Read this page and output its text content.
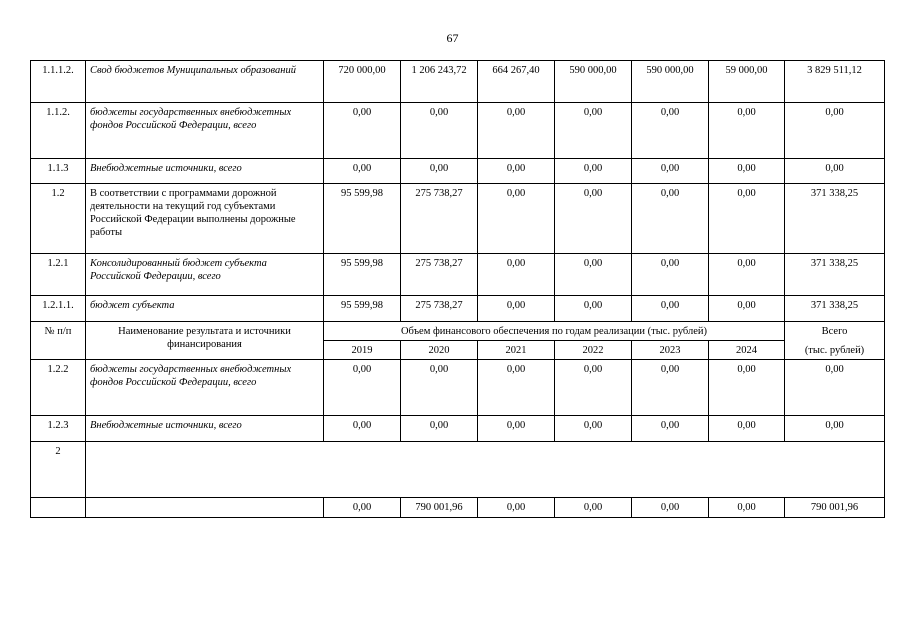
67
1.1.1.2.	Свод бюджетов Муниципальных образований	720 000,00	1 206 243,72	664 267,40	590 000,00	590 000,00	59 000,00	3 829 511,12
1.1.2.	бюджеты государственных внебюджетных фондов Российской Федерации, всего	0,00	0,00	0,00	0,00	0,00	0,00	0,00
1.1.3	Внебюджетные источники, всего	0,00	0,00	0,00	0,00	0,00	0,00	0,00
1.2	В соответствии с программами дорожной деятельности на текущий год субъектами Российской Федерации выполнены дорожные работы	95 599,98	275 738,27	0,00	0,00	0,00	0,00	371 338,25
1.2.1	Консолидированный бюджет субъекта Российской Федерации, всего	95 599,98	275 738,27	0,00	0,00	0,00	0,00	371 338,25
1.2.1.1.	бюджет субъекта	95 599,98	275 738,27	0,00	0,00	0,00	0,00	371 338,25
№ п/п	Наименование результата и источники финансирования	Объем финансового обеспечения по годам реализации (тыс. рублей)						Всего
		2019	2020	2021	2022	2023	2024	(тыс. рублей)
1.2.2	бюджеты государственных внебюджетных фондов Российской Федерации, всего	0,00	0,00	0,00	0,00	0,00	0,00	0,00
1.2.3	Внебюджетные источники, всего	0,00	0,00	0,00	0,00	0,00	0,00	0,00
2								
		0,00	790 001,96	0,00	0,00	0,00	0,00	790 001,96
